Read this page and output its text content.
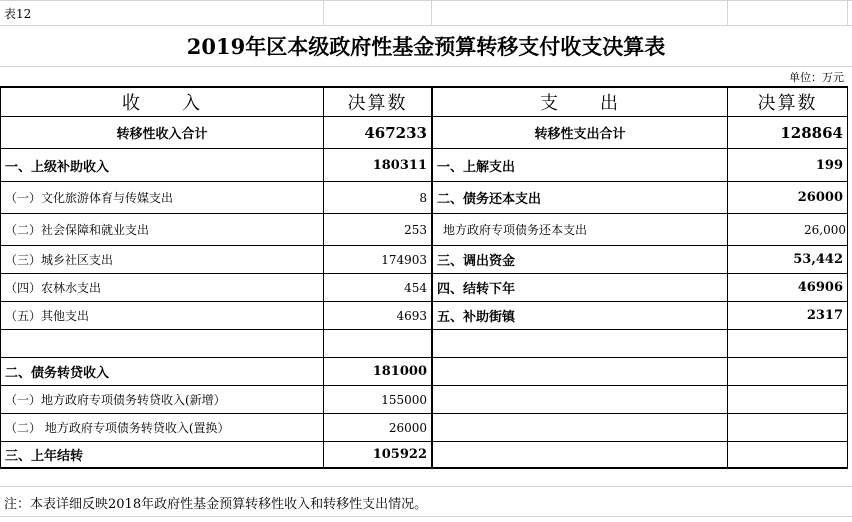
表12
2019年区本级政府性基金预算转移支付收支决算表
单位：万元
收　　入	决算数	支　　出	决算数
转移性收入合计	467233	转移性支出合计	128864
一、上级补助收入	180311 一、上解支出	199
（一）文化旅游体育与传媒支出	8 二、债务还本支出	26000
（二）社会保障和就业支出	253	地方政府专项债务还本支出	26,000
（三）城乡社区支出	174903 三、调出资金	53,442
（四）农林水支出	454 四、结转下年	46906
（五）其他支出	4693 五、补助街镇	2317
二、债务转贷收入	181000
（一）地方政府专项债务转贷收入(新增）	155000
（二） 地方政府专项债务转贷收入(置换）	26000
三、上年结转	105922
注：本表详细反映2018年政府性基金预算转移性收入和转移性支出情况。
